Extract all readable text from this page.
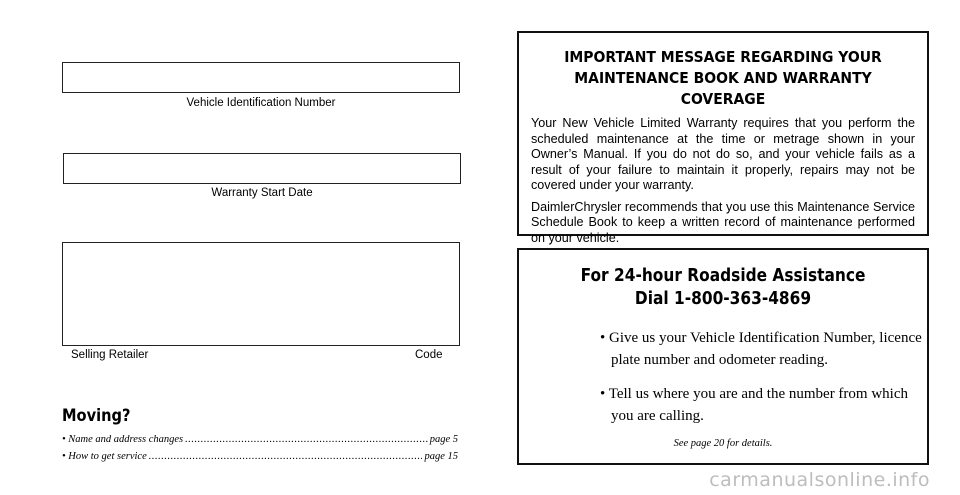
Vehicle Identification Number
Warranty Start Date
Selling Retailer	Code
Moving?
• Name and address changes .....	page 5
• How to get service .....	page 15
IMPORTANT MESSAGE REGARDING YOUR
MAINTENANCE BOOK AND WARRANTY COVERAGE

Your New Vehicle Limited Warranty requires that you perform the scheduled maintenance at the time or metrage shown in your Owner’s Manual. If you do not do so, and your vehicle fails as a result of your failure to maintain it properly, repairs may not be covered under your warranty.

DaimlerChrysler recommends that you use this Maintenance Service Schedule Book to keep a written record of maintenance performed on your vehicle.

For 24-hour Roadside Assistance
Dial 1-800-363-4869
• Give us your Vehicle Identification Number, licence plate number and odometer reading.
• Tell us where you are and the number from which you are calling.
See page 20 for details.
carmanualsonline.info
